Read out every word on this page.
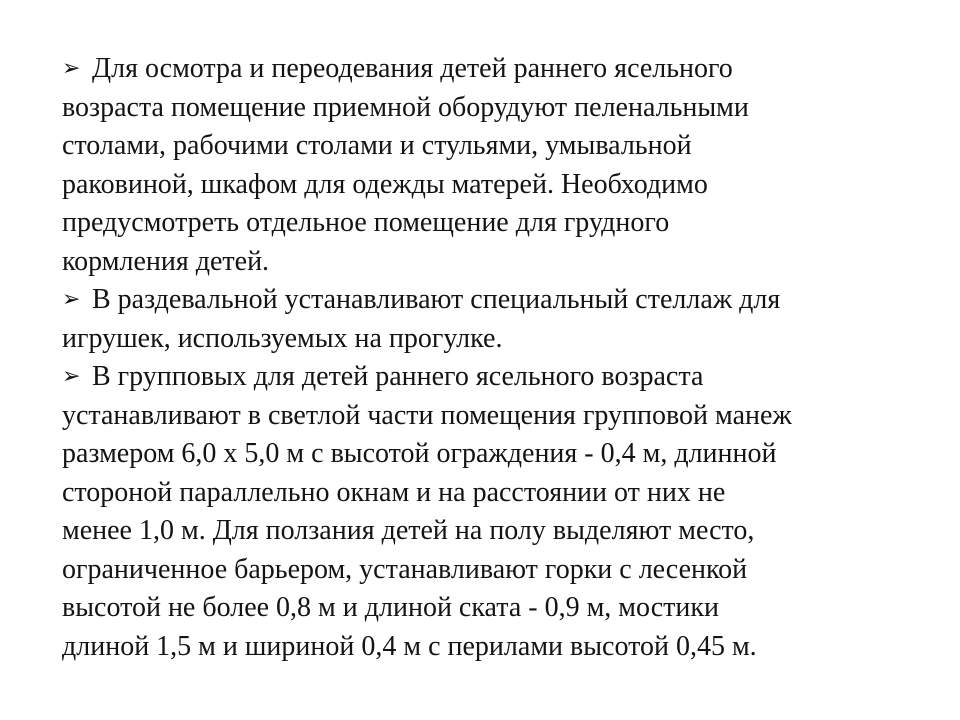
➢ Для осмотра и переодевания детей раннего ясельного
возраста помещение приемной оборудуют пеленальными
столами, рабочими столами и стульями, умывальной
раковиной, шкафом для одежды матерей. Необходимо
предусмотреть отдельное помещение для грудного
кормления детей.
➢ В раздевальной устанавливают специальный стеллаж для
игрушек, используемых на прогулке.
➢ В групповых для детей раннего ясельного возраста
устанавливают в светлой части помещения групповой манеж
размером 6,0 х 5,0 м с высотой ограждения - 0,4 м, длинной
стороной параллельно окнам и на расстоянии от них не
менее 1,0 м. Для ползания детей на полу выделяют место,
ограниченное барьером, устанавливают горки с лесенкой
высотой не более 0,8 м и длиной ската - 0,9 м, мостики
длиной 1,5 м и шириной 0,4 м с перилами высотой 0,45 м.
